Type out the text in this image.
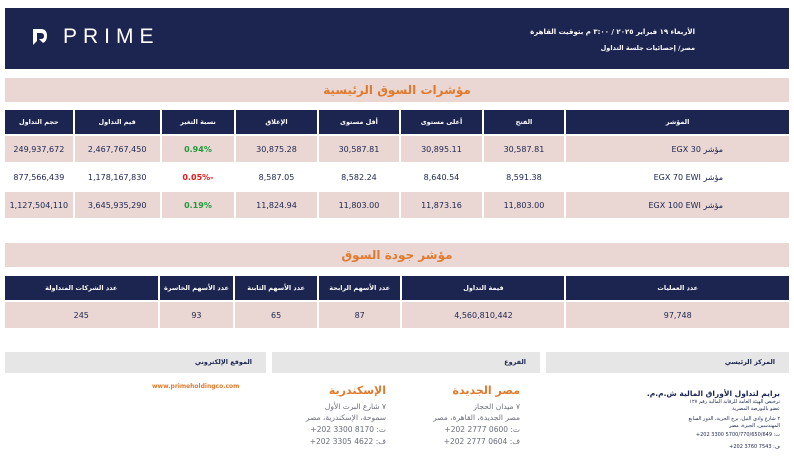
PRIME	الأربعاء ١٩ فبراير ٢٠٢٥ / ٣:٠٠ م بتوقيت القاهرة
مصر/ إحصائيات جلسة التداول
مؤشرات السوق الرئيسية
المؤشر	الفتح	أعلى مستوى	أقل مستوى	الإغلاق	نسبة التغير	قيم التداول	حجم التداول
مؤشر EGX 30	30,587.81	30,895.11	30,587.81	30,875.28	0.94%	2,467,767,450	249,937,672
مؤشر EGX 70 EWI	8,591.38	8,640.54	8,582.24	8,587.05	-0.05%	1,178,167,830	877,566,439
مؤشر EGX 100 EWI	11,803.00	11,873.16	11,803.00	11,824.94	0.19%	3,645,935,290	1,127,504,110
مؤشر جودة السوق
عدد العمليات	قيمة التداول	عدد الأسهم الرابحة	عدد الأسهم الثابتة	عدد الأسهم الخاسرة	عدد الشركات المتداولة
97,748	4,560,810,442	87	65	93	245
المركز الرئيسي
الفروع
الموقع الإلكتروني
www.primeholdingco.com
برايم لتداول الأوراق المالية ش.م.م.
ترخيص الهيئة العامة للرقابة المالية رقم ١٢٧
عضو بالبورصة المصرية
٢ شارع وادي النيل، برج الحرية، الدور السابع
المهندسين، الجيزة، مصر
ت: 5700/770/650/649 3300 202+
ف: 7543 3760 202+
مصر الجديدة
٧ ميدان الحجاز
مصر الجديدة، القاهرة، مصر
ت: 0600 2777 202+
ف: 0604 2777 202+
الإسكندرية
٧ شارع البرت الأول
سموحة، الإسكندرية، مصر
ت: 8170 3300 202+
ف: 4622 3305 202+
